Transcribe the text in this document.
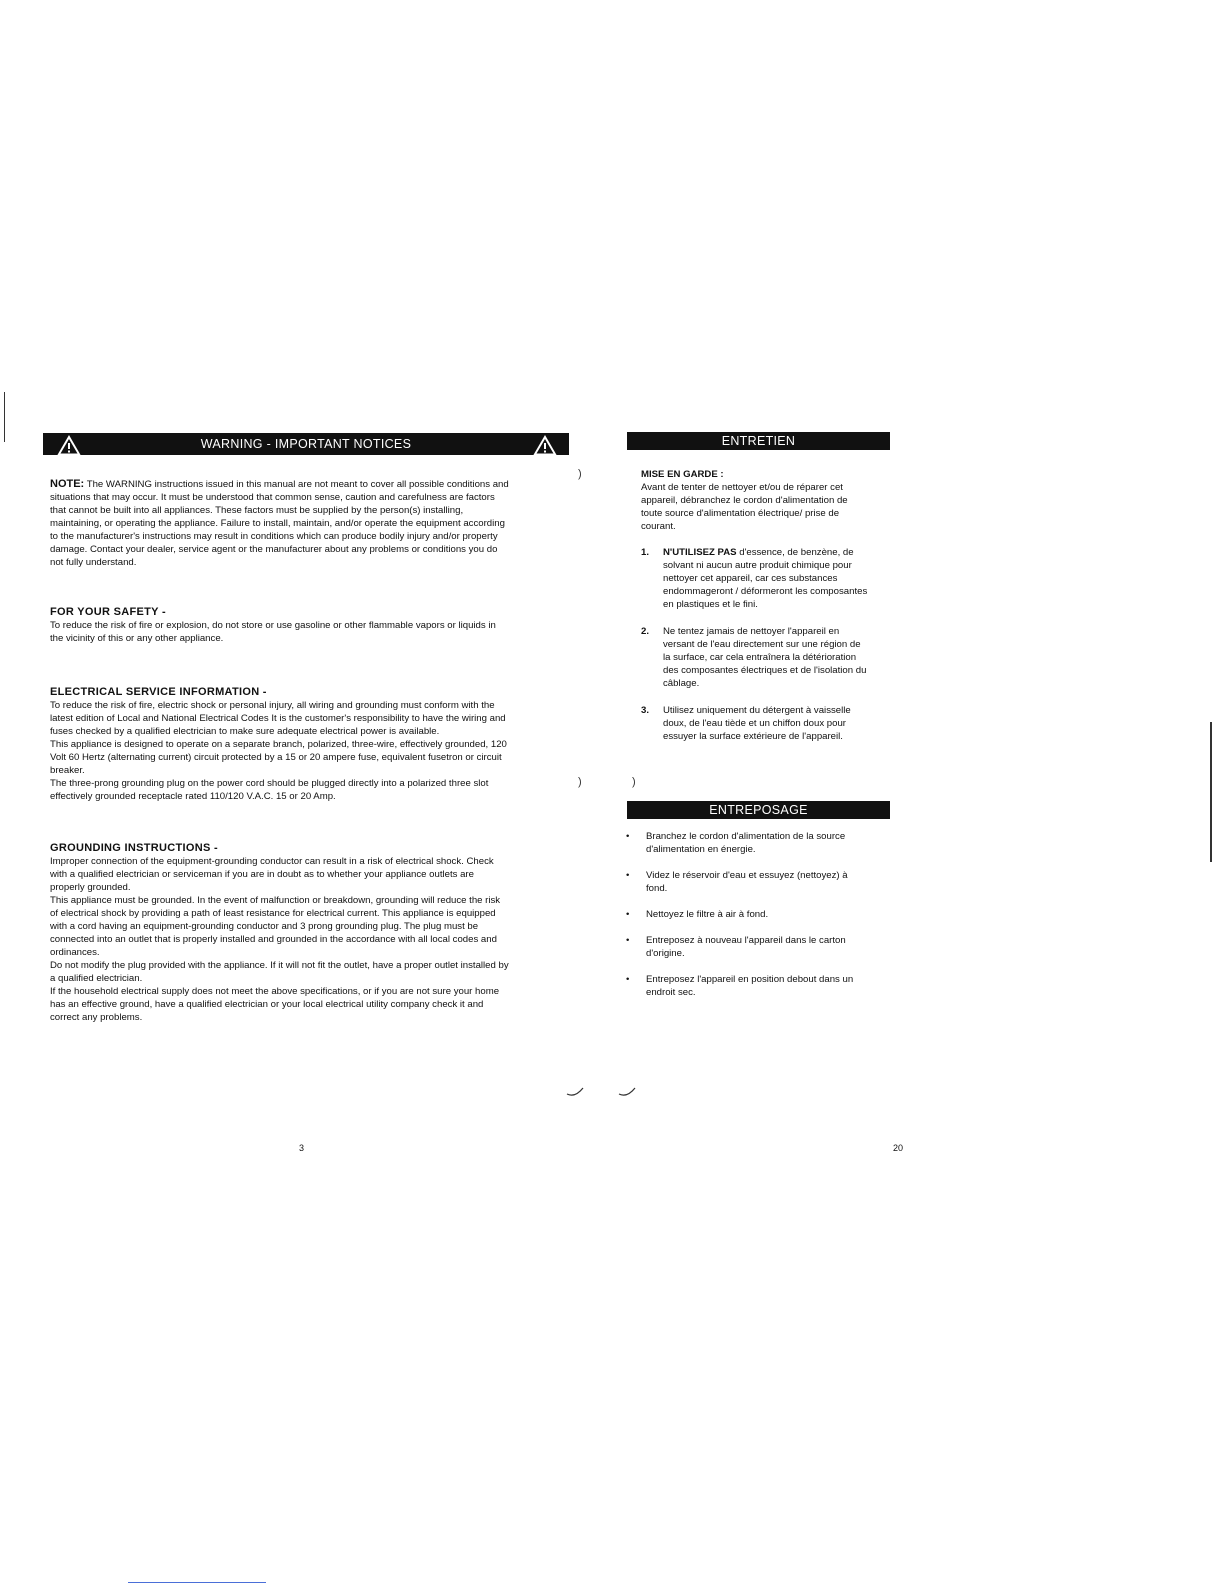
WARNING - IMPORTANT NOTICES

NOTE: The WARNING instructions issued in this manual are not meant to cover all possible conditions and

situations that may occur. It must be understood that common sense, caution and carefulness are factors

that cannot be built into all appliances. These factors must be supplied by the person(s) installing,

maintaining, or operating the appliance. Failure to install, maintain, and/or operate the equipment according

to the manufacturer's instructions may result in conditions which can produce bodily injury and/or property

damage. Contact your dealer, service agent or the manufacturer about any problems or conditions you do

not fully understand.

FOR YOUR SAFETY -

To reduce the risk of fire or explosion, do not store or use gasoline or other flammable vapors or liquids in

the vicinity of this or any other appliance.

ELECTRICAL SERVICE INFORMATION -

To reduce the risk of fire, electric shock or personal injury, all wiring and grounding must conform with the

latest edition of Local and National Electrical Codes It is the customer's responsibility to have the wiring and

fuses checked by a qualified electrician to make sure adequate electrical power is available.

This appliance is designed to operate on a separate branch, polarized, three-wire, effectively grounded, 120

Volt 60 Hertz (alternating current) circuit protected by a 15 or 20 ampere fuse, equivalent fusetron or circuit

breaker.

The three-prong grounding plug on the power cord should be plugged directly into a polarized three slot

effectively grounded receptacle rated 110/120 V.A.C. 15 or 20 Amp.

GROUNDING INSTRUCTIONS -

Improper connection of the equipment-grounding conductor can result in a risk of electrical shock. Check

with a qualified electrician or serviceman if you are in doubt as to whether your appliance outlets are

properly grounded.

This appliance must be grounded. In the event of malfunction or breakdown, grounding will reduce the risk

of electrical shock by providing a path of least resistance for electrical current. This appliance is equipped

with a cord having an equipment-grounding conductor and 3 prong grounding plug. The plug must be

connected into an outlet that is properly installed and grounded in the accordance with all local codes and

ordinances.

Do not modify the plug provided with the appliance. If it will not fit the outlet, have a proper outlet installed by

a qualified electrician.

If the household electrical supply does not meet the above specifications, or if you are not sure your home

has an effective ground, have a qualified electrician or your local electrical utility company check it and

correct any problems.

3
)
)	)
ENTRETIEN

MISE EN GARDE :

Avant de tenter de nettoyer et/ou de réparer cet

appareil, débranchez le cordon d'alimentation de

toute source d'alimentation électrique/ prise de

courant.

1. N'UTILISEZ PAS d'essence, de benzène, de

solvant ni aucun autre produit chimique pour

nettoyer cet appareil, car ces substances

endommageront / déformeront les composantes

en plastiques et le fini.

2. Ne tentez jamais de nettoyer l'appareil en

versant de l'eau directement sur une région de

la surface, car cela entraînera la détérioration

des composantes électriques et de l'isolation du

câblage.

3. Utilisez uniquement du détergent à vaisselle

doux, de l'eau tiède et un chiffon doux pour

essuyer la surface extérieure de l'appareil.

ENTREPOSAGE
• Branchez le cordon d'alimentation de la source

d'alimentation en énergie.

• Videz le réservoir d'eau et essuyez (nettoyez) à

fond.

• Nettoyez le filtre à air à fond.

• Entreposez à nouveau l'appareil dans le carton

d'origine.

• Entreposez l'appareil en position debout dans un

endroit sec.

20
